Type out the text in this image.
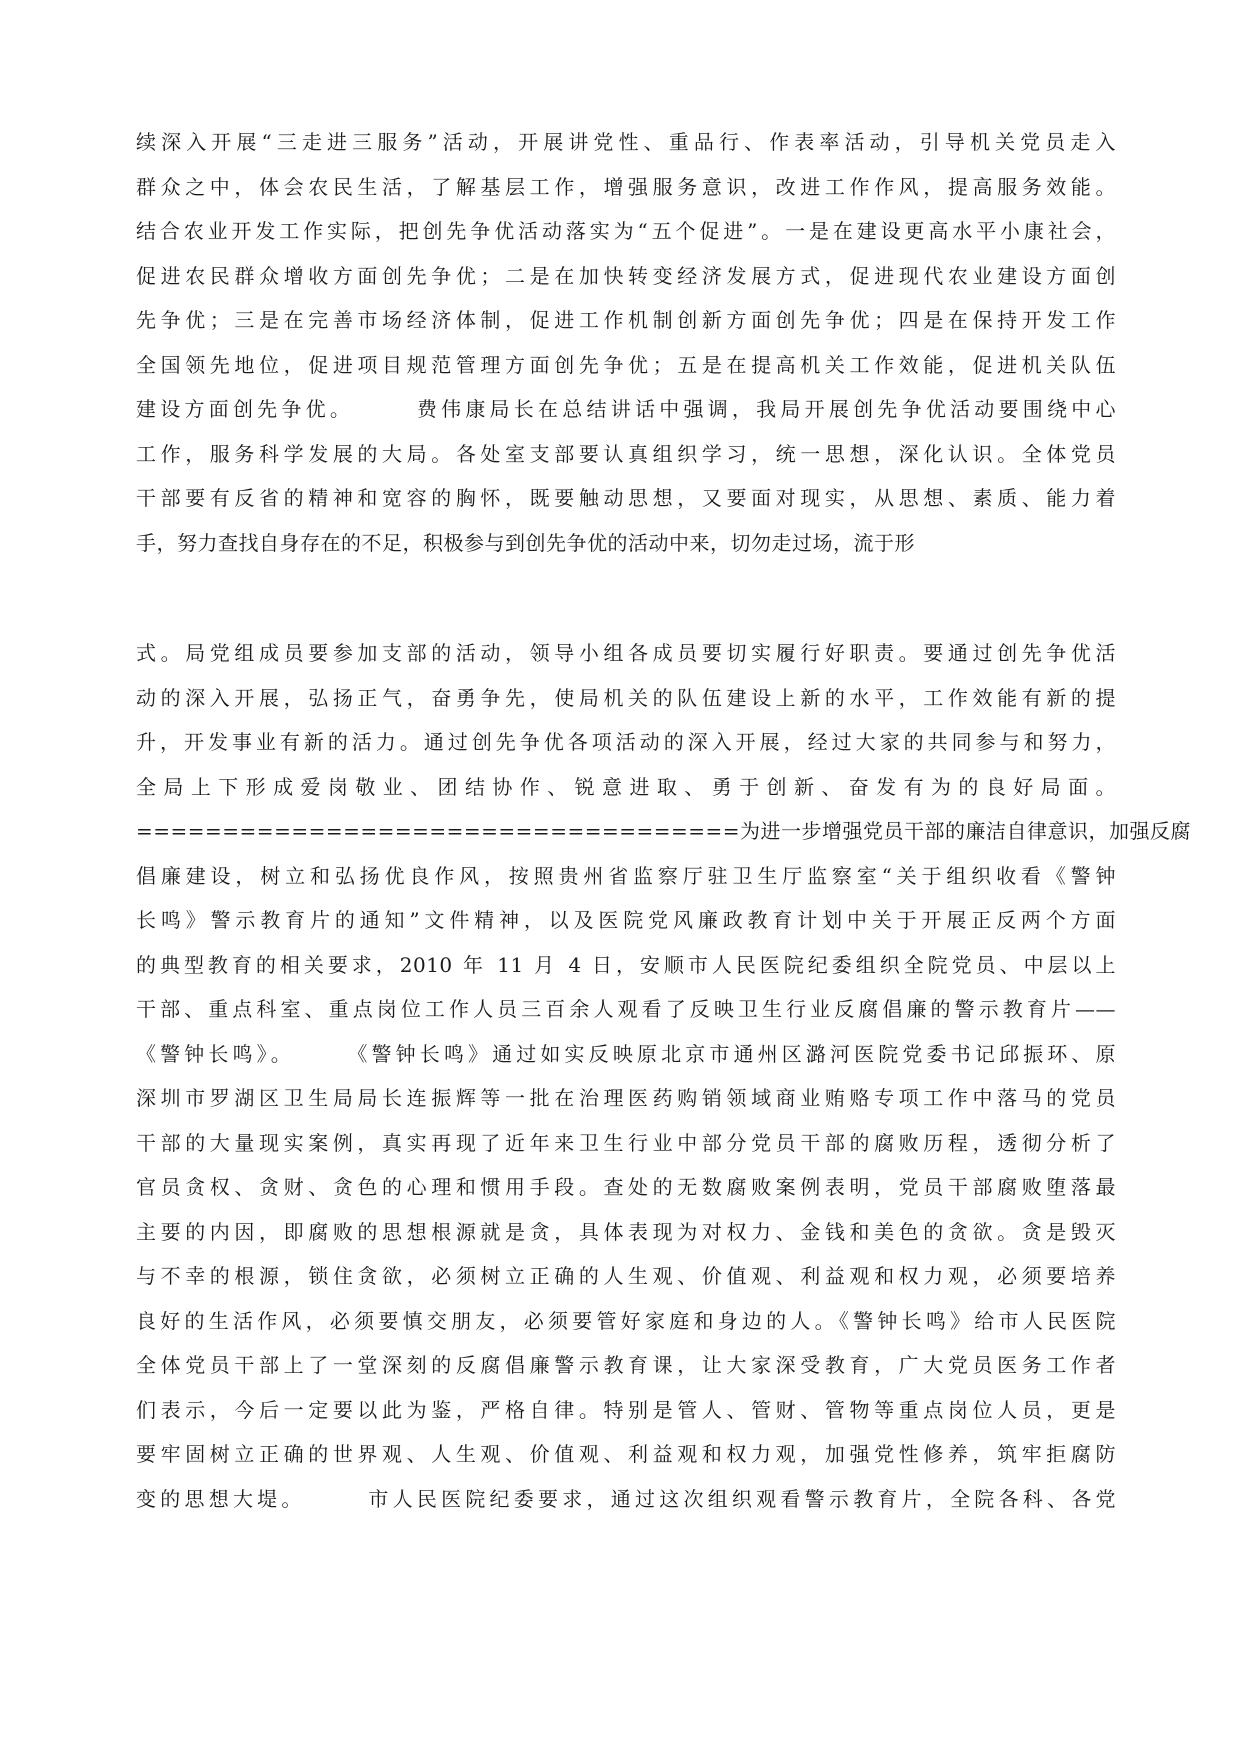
续深入开展“三走进三服务”活动，开展讲党性、重品行、作表率活动，引导机关党员走入
群众之中，体会农民生活，了解基层工作，增强服务意识，改进工作作风，提高服务效能。
结合农业开发工作实际，把创先争优活动落实为“五个促进”。一是在建设更高水平小康社会，
促进农民群众增收方面创先争优；二是在加快转变经济发展方式，促进现代农业建设方面创
先争优；三是在完善市场经济体制，促进工作机制创新方面创先争优；四是在保持开发工作
全国领先地位，促进项目规范管理方面创先争优；五是在提高机关工作效能，促进机关队伍
建设方面创先争优。　　　费伟康局长在总结讲话中强调，我局开展创先争优活动要围绕中心
工作，服务科学发展的大局。各处室支部要认真组织学习，统一思想，深化认识。全体党员
干部要有反省的精神和宽容的胸怀，既要触动思想，又要面对现实，从思想、素质、能力着
手，努力查找自身存在的不足，积极参与到创先争优的活动中来，切勿走过场，流于形
式。局党组成员要参加支部的活动，领导小组各成员要切实履行好职责。要通过创先争优活
动的深入开展，弘扬正气，奋勇争先，使局机关的队伍建设上新的水平，工作效能有新的提
升，开发事业有新的活力。通过创先争优各项活动的深入开展，经过大家的共同参与和努力，
全局上下形成爱岗敬业、团结协作、锐意进取、勇于创新、奋发有为的良好局面。
===================================为进一步增强党员干部的廉洁自律意识，加强反腐
倡廉建设，树立和弘扬优良作风，按照贵州省监察厅驻卫生厅监察室“关于组织收看《警钟
长鸣》警示教育片的通知”文件精神，以及医院党风廉政教育计划中关于开展正反两个方面
的典型教育的相关要求，2010 年 11 月 4 日，安顺市人民医院纪委组织全院党员、中层以上
干部、重点科室、重点岗位工作人员三百余人观看了反映卫生行业反腐倡廉的警示教育片——
《警钟长鸣》。　　　《警钟长鸣》通过如实反映原北京市通州区潞河医院党委书记邱振环、原
深圳市罗湖区卫生局局长连振辉等一批在治理医药购销领域商业贿赂专项工作中落马的党员
干部的大量现实案例，真实再现了近年来卫生行业中部分党员干部的腐败历程，透彻分析了
官员贪权、贪财、贪色的心理和惯用手段。查处的无数腐败案例表明，党员干部腐败堕落最
主要的内因，即腐败的思想根源就是贪，具体表现为对权力、金钱和美色的贪欲。贪是毁灭
与不幸的根源，锁住贪欲，必须树立正确的人生观、价值观、利益观和权力观，必须要培养
良好的生活作风，必须要慎交朋友，必须要管好家庭和身边的人。《警钟长鸣》给市人民医院
全体党员干部上了一堂深刻的反腐倡廉警示教育课，让大家深受教育，广大党员医务工作者
们表示，今后一定要以此为鉴，严格自律。特别是管人、管财、管物等重点岗位人员，更是
要牢固树立正确的世界观、人生观、价值观、利益观和权力观，加强党性修养，筑牢拒腐防
变的思想大堤。　　　市人民医院纪委要求，通过这次组织观看警示教育片，全院各科、各党
